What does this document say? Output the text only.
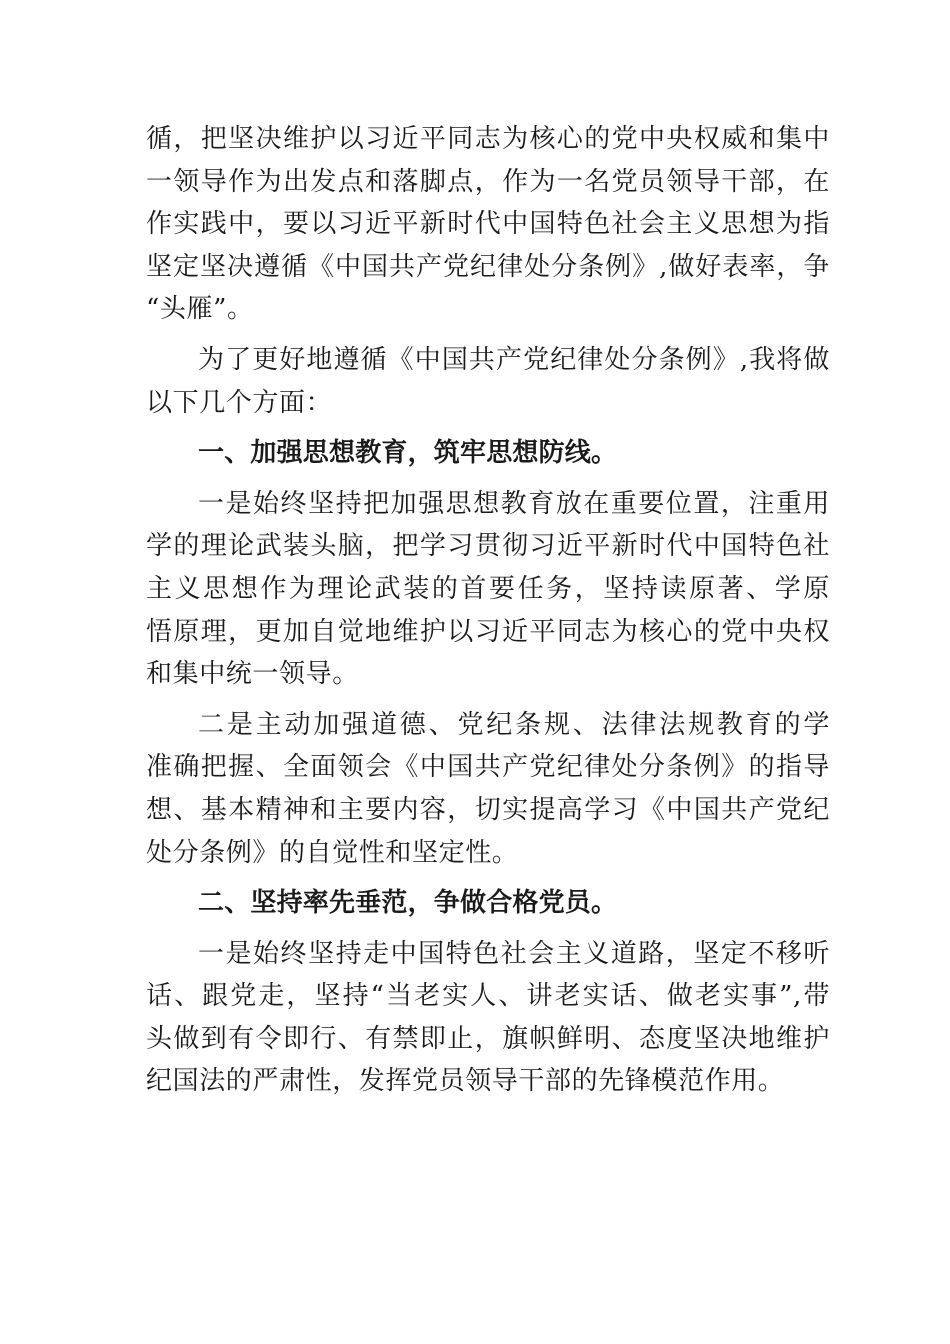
循，把坚决维护以习近平同志为核心的党中央权威和集中
一领导作为出发点和落脚点，作为一名党员领导干部，在
作实践中，要以习近平新时代中国特色社会主义思想为指
坚定坚决遵循《中国共产党纪律处分条例》,做好表率，争
“头雁”。
为了更好地遵循《中国共产党纪律处分条例》,我将做
以下几个方面：
一、加强思想教育，筑牢思想防线。
一是始终坚持把加强思想教育放在重要位置，注重用
学的理论武装头脑，把学习贯彻习近平新时代中国特色社
主义思想作为理论武装的首要任务，坚持读原著、学原
悟原理，更加自觉地维护以习近平同志为核心的党中央权
和集中统一领导。
二是主动加强道德、党纪条规、法律法规教育的学
准确把握、全面领会《中国共产党纪律处分条例》的指导
想、基本精神和主要内容，切实提高学习《中国共产党纪
处分条例》的自觉性和坚定性。
二、坚持率先垂范，争做合格党员。
一是始终坚持走中国特色社会主义道路，坚定不移听
话、跟党走，坚持“当老实人、讲老实话、做老实事”,带
头做到有令即行、有禁即止，旗帜鲜明、态度坚决地维护
纪国法的严肃性，发挥党员领导干部的先锋模范作用。
